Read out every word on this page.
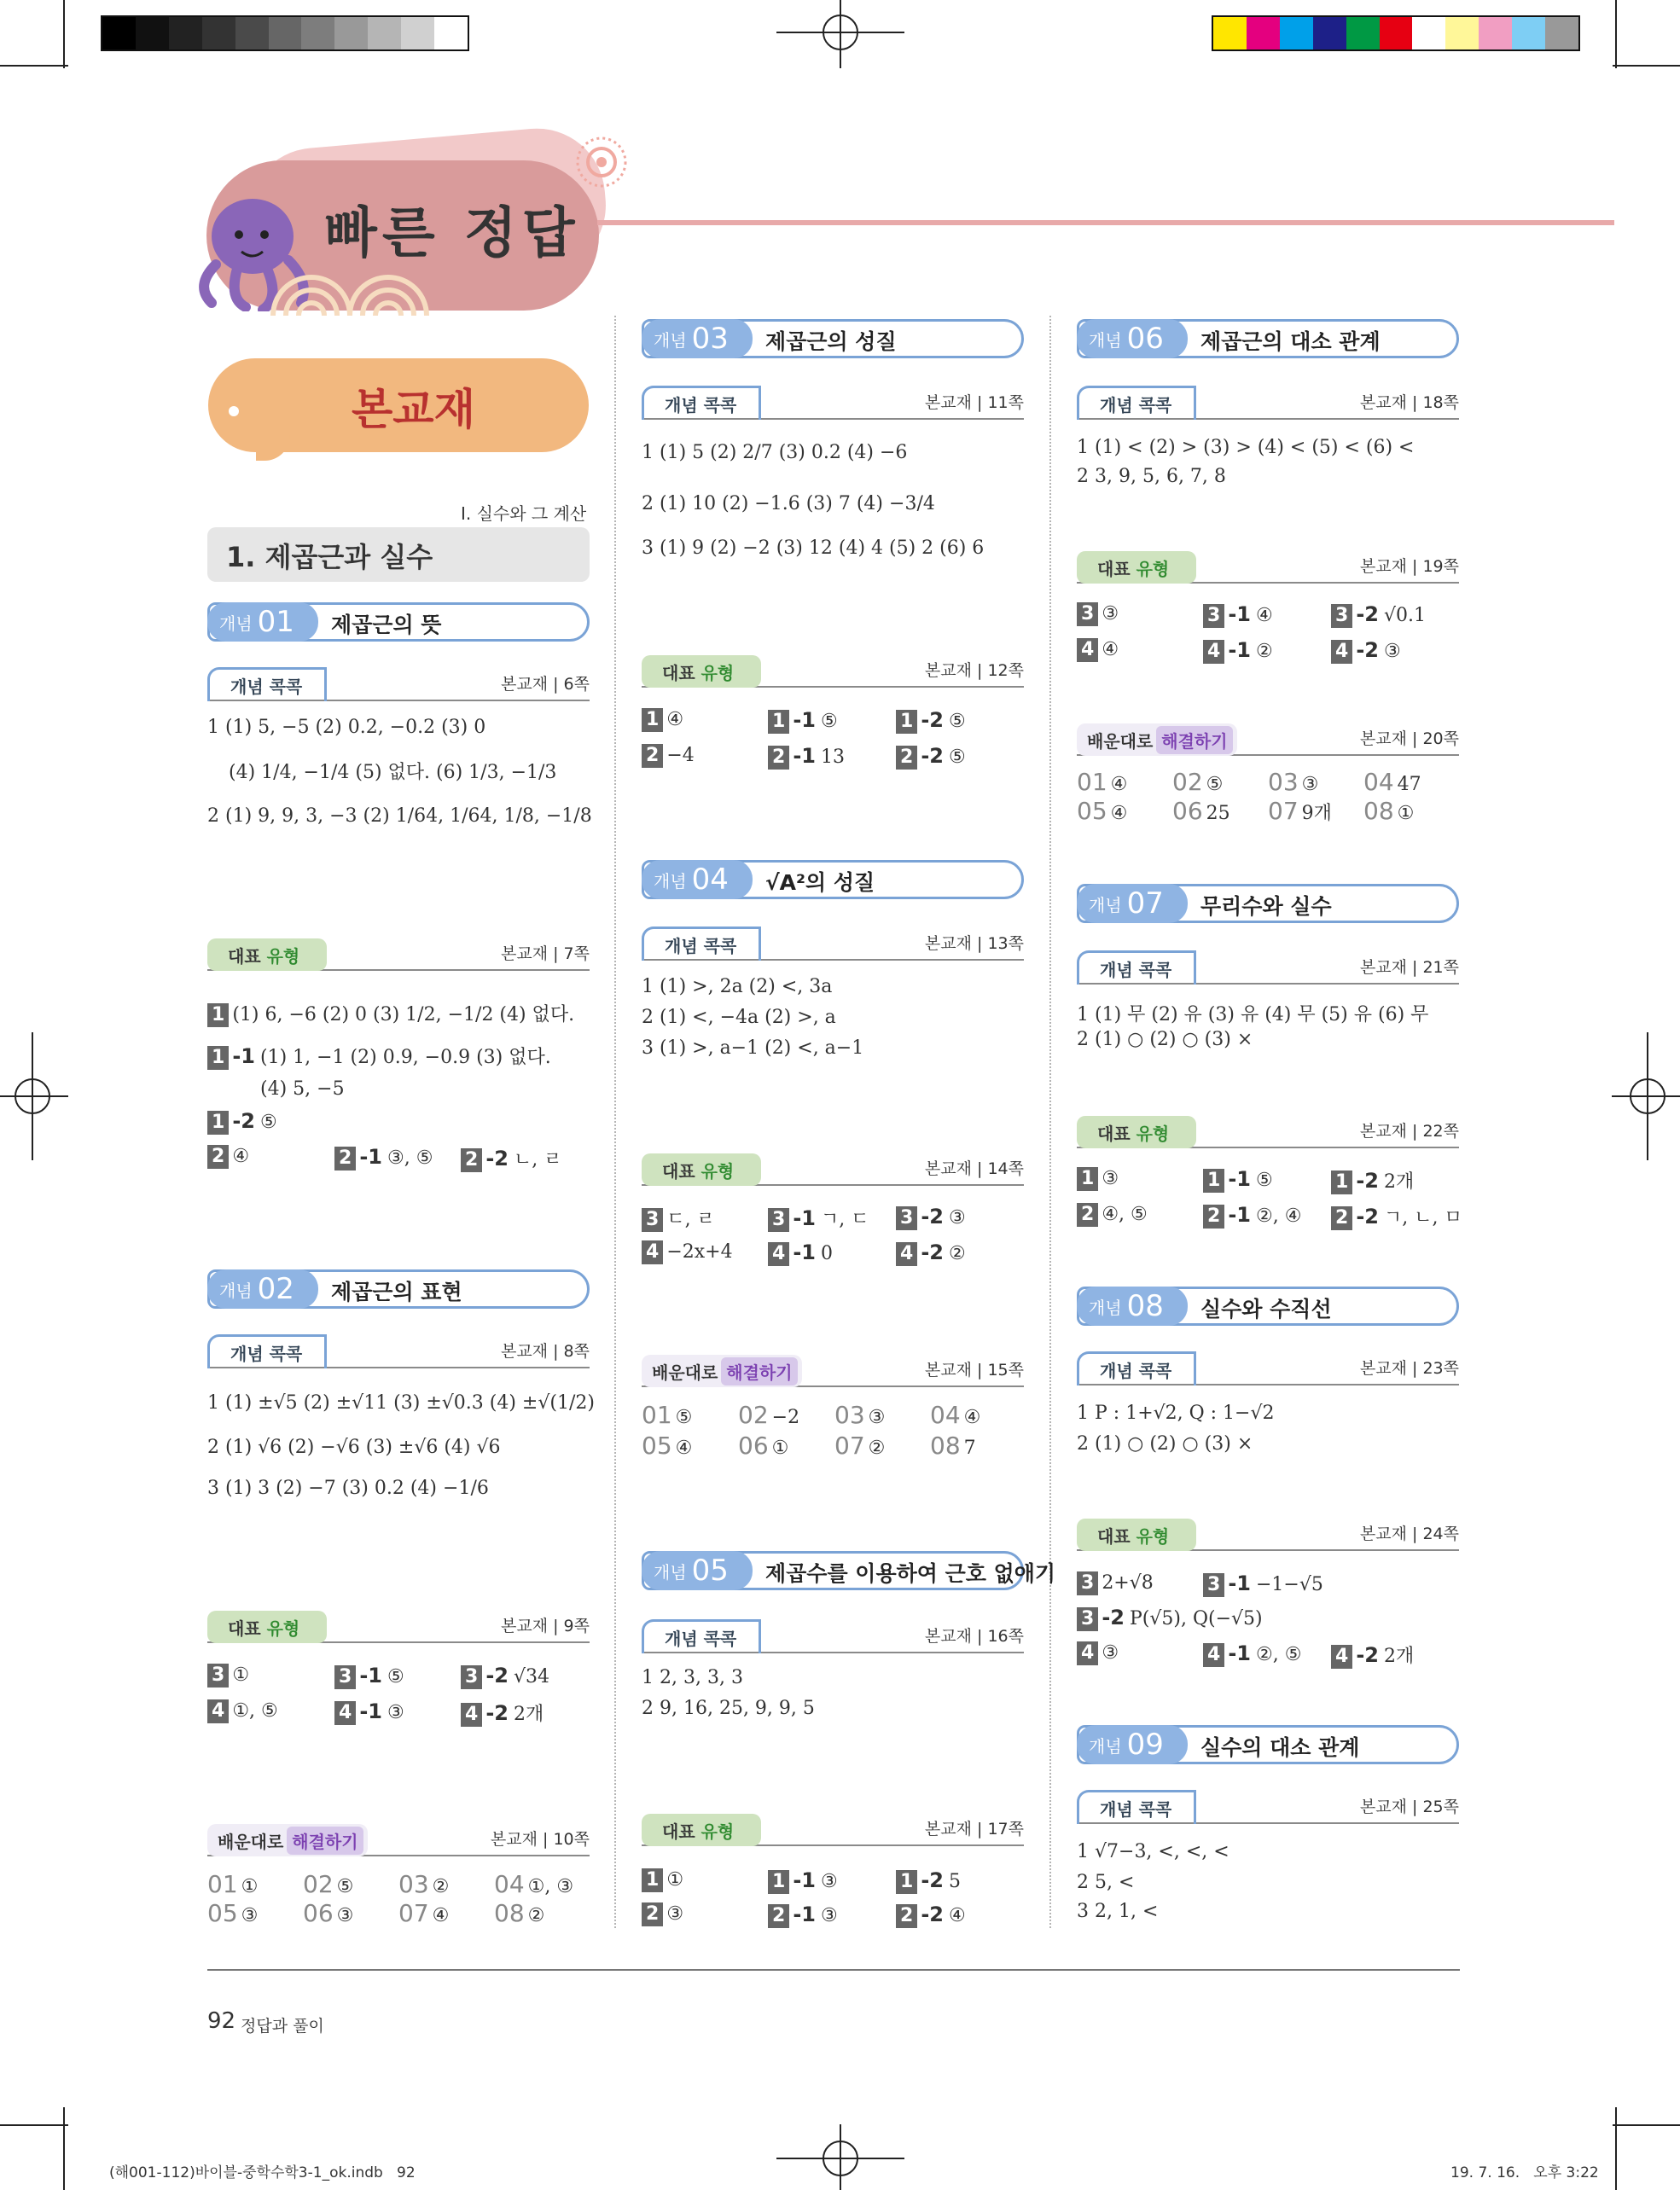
빠른 정답
본교재
I. 실수와 그 계산
1. 제곱근과 실수
개념 01 제곱근의 뜻
개념 콕콕	본교재 | 6쪽
1 (1) 5, −5 (2) 0.2, −0.2 (3) 0
(4) 1/4, −1/4 (5) 없다. (6) 1/3, −1/3
2 (1) 9, 9, 3, −3 (2) 1/64, 1/64, 1/8, −1/8
대표 유형	본교재 | 7쪽
1 (1) 6, −6 (2) 0 (3) 1/2, −1/2 (4) 없다.
1 -1 (1) 1, −1 (2) 0.9, −0.9 (3) 없다.
(4) 5, −5
1 -2 ⑤
2 ④	2 -1 ③, ⑤ 2 -2 ㄴ, ㄹ
개념 02 제곱근의 표현
개념 콕콕	본교재 | 8쪽
1 (1) ±√5 (2) ±√11 (3) ±√0.3 (4) ±√(1/2)
2 (1) √6 (2) −√6 (3) ±√6 (4) √6
3 (1) 3 (2) −7 (3) 0.2 (4) −1/6
대표 유형	본교재 | 9쪽
3 ①	3 -1 ⑤	3 -2 √34
4 ①, ⑤	4 -1 ③	4 -2 2개
배운대로 해결하기	본교재 | 10쪽
01 ① 02 ⑤ 03 ② 04 ①, ③
05 ③ 06 ③ 07 ④ 08 ②
개념 03 제곱근의 성질
개념 콕콕	본교재 | 11쪽
1 (1) 5 (2) 2/7 (3) 0.2 (4) −6
2 (1) 10 (2) −1.6 (3) 7 (4) −3/4
3 (1) 9 (2) −2 (3) 12 (4) 4 (5) 2 (6) 6
대표 유형	본교재 | 12쪽
1 ④	1 -1 ⑤	1 -2 ⑤
2 −4	2 -1 13	2 -2 ⑤
개념 04 √A²의 성질
개념 콕콕	본교재 | 13쪽
1 (1) >, 2a (2) <, 3a
2 (1) <, −4a (2) >, a
3 (1) >, a−1 (2) <, a−1
대표 유형	본교재 | 14쪽
3 ㄷ, ㄹ	3 -1 ㄱ, ㄷ 3 -2 ③
4 −2x+4 4 -1 0	4 -2 ②
배운대로 해결하기	본교재 | 15쪽
01 ⑤ 02 −2 03 ③ 04 ④
05 ④ 06 ① 07 ② 08 7
개념 05 제곱수를 이용하여 근호 없애기
개념 콕콕	본교재 | 16쪽
1 2, 3, 3, 3
2 9, 16, 25, 9, 9, 5
대표 유형	본교재 | 17쪽
1 ①	1 -1 ③	1 -2 5
2 ③	2 -1 ③	2 -2 ④
개념 06 제곱근의 대소 관계
개념 콕콕	본교재 | 18쪽
1 (1) < (2) > (3) > (4) < (5) < (6) <
2 3, 9, 5, 6, 7, 8
대표 유형	본교재 | 19쪽
3 ③	3 -1 ④	3 -2 √0.1
4 ④	4 -1 ②	4 -2 ③
배운대로 해결하기	본교재 | 20쪽
01 ④ 02 ⑤ 03 ③ 04 47
05 ④ 06 25 07 9개 08 ①
개념 07 무리수와 실수
개념 콕콕	본교재 | 21쪽
1 (1) 무 (2) 유 (3) 유 (4) 무 (5) 유 (6) 무
2 (1) ○ (2) ○ (3) ×
대표 유형	본교재 | 22쪽
1 ③	1 -1 ⑤	1 -2 2개
2 ④, ⑤	2 -1 ②, ④ 2 -2 ㄱ, ㄴ, ㅁ
개념 08 실수와 수직선
개념 콕콕	본교재 | 23쪽
1 P : 1+√2, Q : 1−√2
2 (1) ○ (2) ○ (3) ×
대표 유형	본교재 | 24쪽
3 2+√8	3 -1 −1−√5
3 -2 P(√5), Q(−√5)
4 ③	4 -1 ②, ⑤ 4 -2 2개
개념 09 실수의 대소 관계
개념 콕콕	본교재 | 25쪽
1 √7−3, <, <, <
2 5, <
3 2, 1, <
92 정답과 풀이
(해001-112)바이블-중학수학3-1_ok.indb   92	19. 7. 16.   오후 3:22
